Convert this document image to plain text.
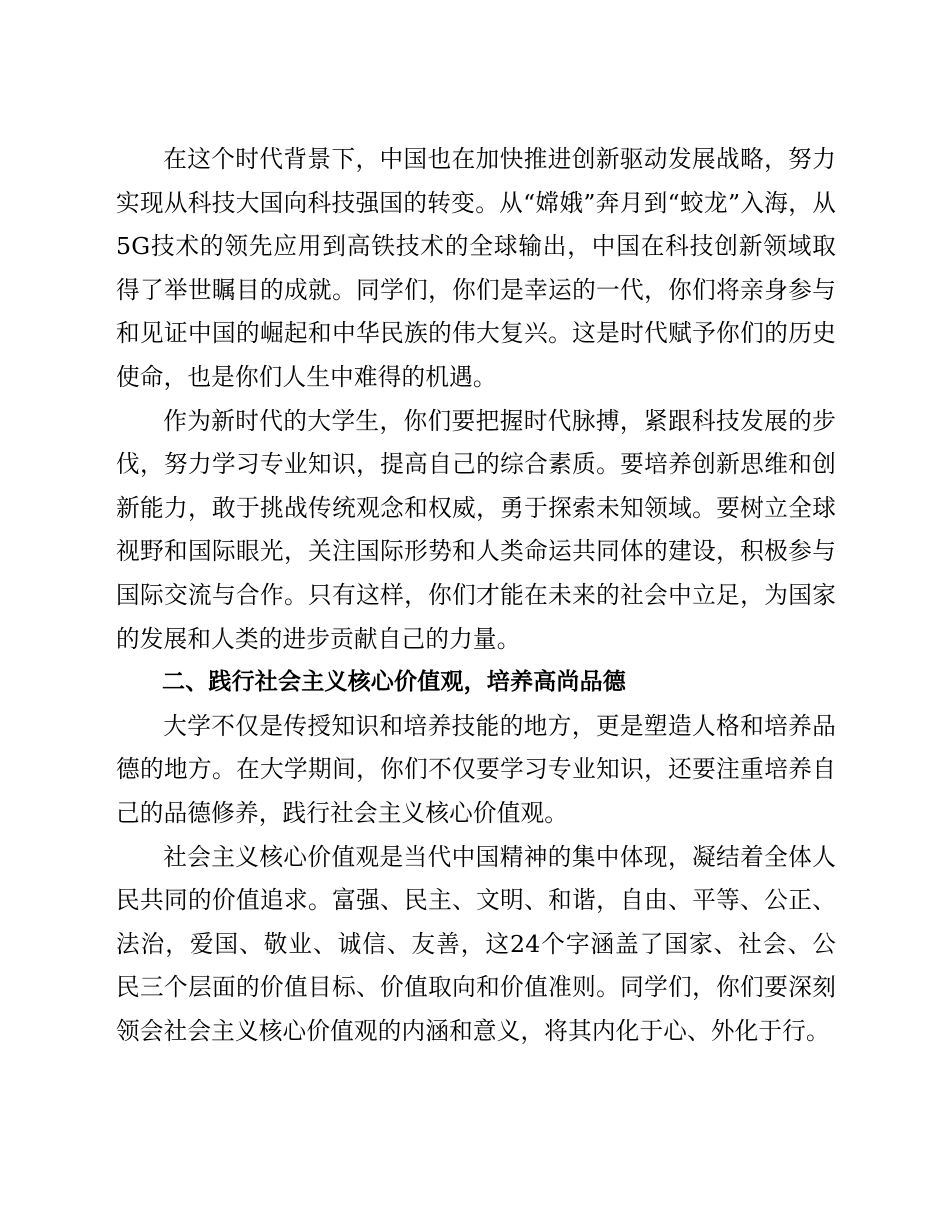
在这个时代背景下，中国也在加快推进创新驱动发展战略，努力实现从科技大国向科技强国的转变。从“嫦娥”奔月到“蛟龙”入海，从5G技术的领先应用到高铁技术的全球输出，中国在科技创新领域取得了举世瞩目的成就。同学们，你们是幸运的一代，你们将亲身参与和见证中国的崛起和中华民族的伟大复兴。这是时代赋予你们的历史使命，也是你们人生中难得的机遇。

作为新时代的大学生，你们要把握时代脉搏，紧跟科技发展的步伐，努力学习专业知识，提高自己的综合素质。要培养创新思维和创新能力，敢于挑战传统观念和权威，勇于探索未知领域。要树立全球视野和国际眼光，关注国际形势和人类命运共同体的建设，积极参与国际交流与合作。只有这样，你们才能在未来的社会中立足，为国家的发展和人类的进步贡献自己的力量。

二、践行社会主义核心价值观，培养高尚品德

大学不仅是传授知识和培养技能的地方，更是塑造人格和培养品德的地方。在大学期间，你们不仅要学习专业知识，还要注重培养自己的品德修养，践行社会主义核心价值观。

社会主义核心价值观是当代中国精神的集中体现，凝结着全体人民共同的价值追求。富强、民主、文明、和谐，自由、平等、公正、法治，爱国、敬业、诚信、友善，这24个字涵盖了国家、社会、公民三个层面的价值目标、价值取向和价值准则。同学们，你们要深刻领会社会主义核心价值观的内涵和意义，将其内化于心、外化于行。
